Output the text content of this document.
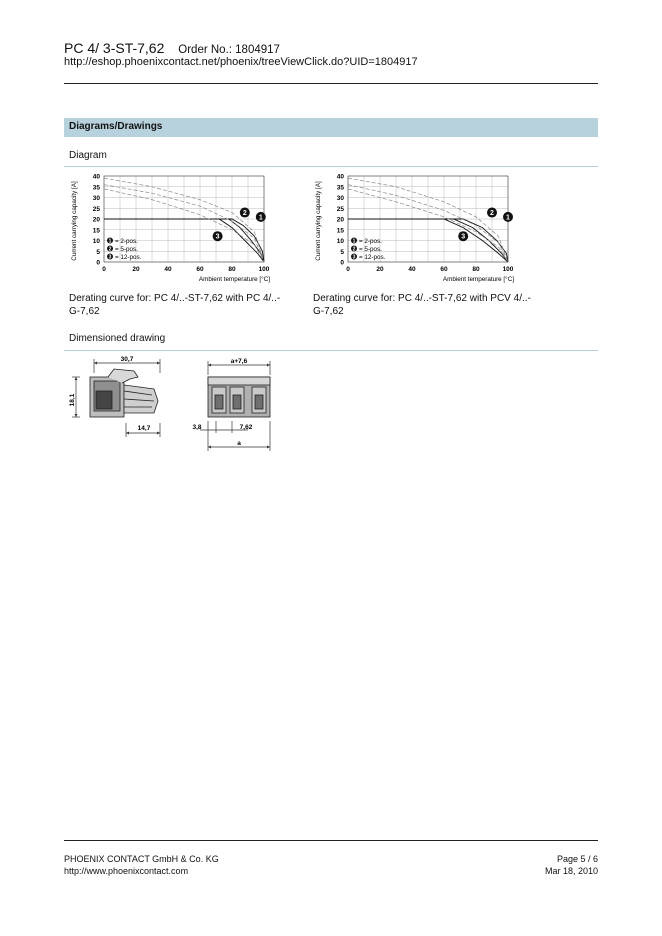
PC 4/ 3-ST-7,62 Order No.: 1804917
http://eshop.phoenixcontact.net/phoenix/treeViewClick.do?UID=1804917
Diagrams/Drawings
Diagram
40
35
30
25
20
15
10
5
0
0	20	40	60	80	100
Current carrying capacity [A]
Ambient temperature [°C]
1 = 2-pos.
2 = 5-pos.
3 = 12-pos.
1
2
3
40
35
30
25
20
15
10
5
0
0	20	40	60	80	100
Current carrying capacity [A]
Ambient temperature [°C]
1 = 2-pos.
2 = 5-pos.
3 = 12-pos.
1
2
3
Derating curve for: PC 4/..-ST-7,62 with PC 4/..-G-7,62
Derating curve for: PC 4/..-ST-7,62 with PCV 4/..-G-7,62
Dimensioned drawing
30,7
18,1
14,7
a+7,6
3,8	7,62
a
PHOENIX CONTACT GmbH & Co. KG
http://www.phoenixcontact.com
Page 5 / 6
Mar 18, 2010
